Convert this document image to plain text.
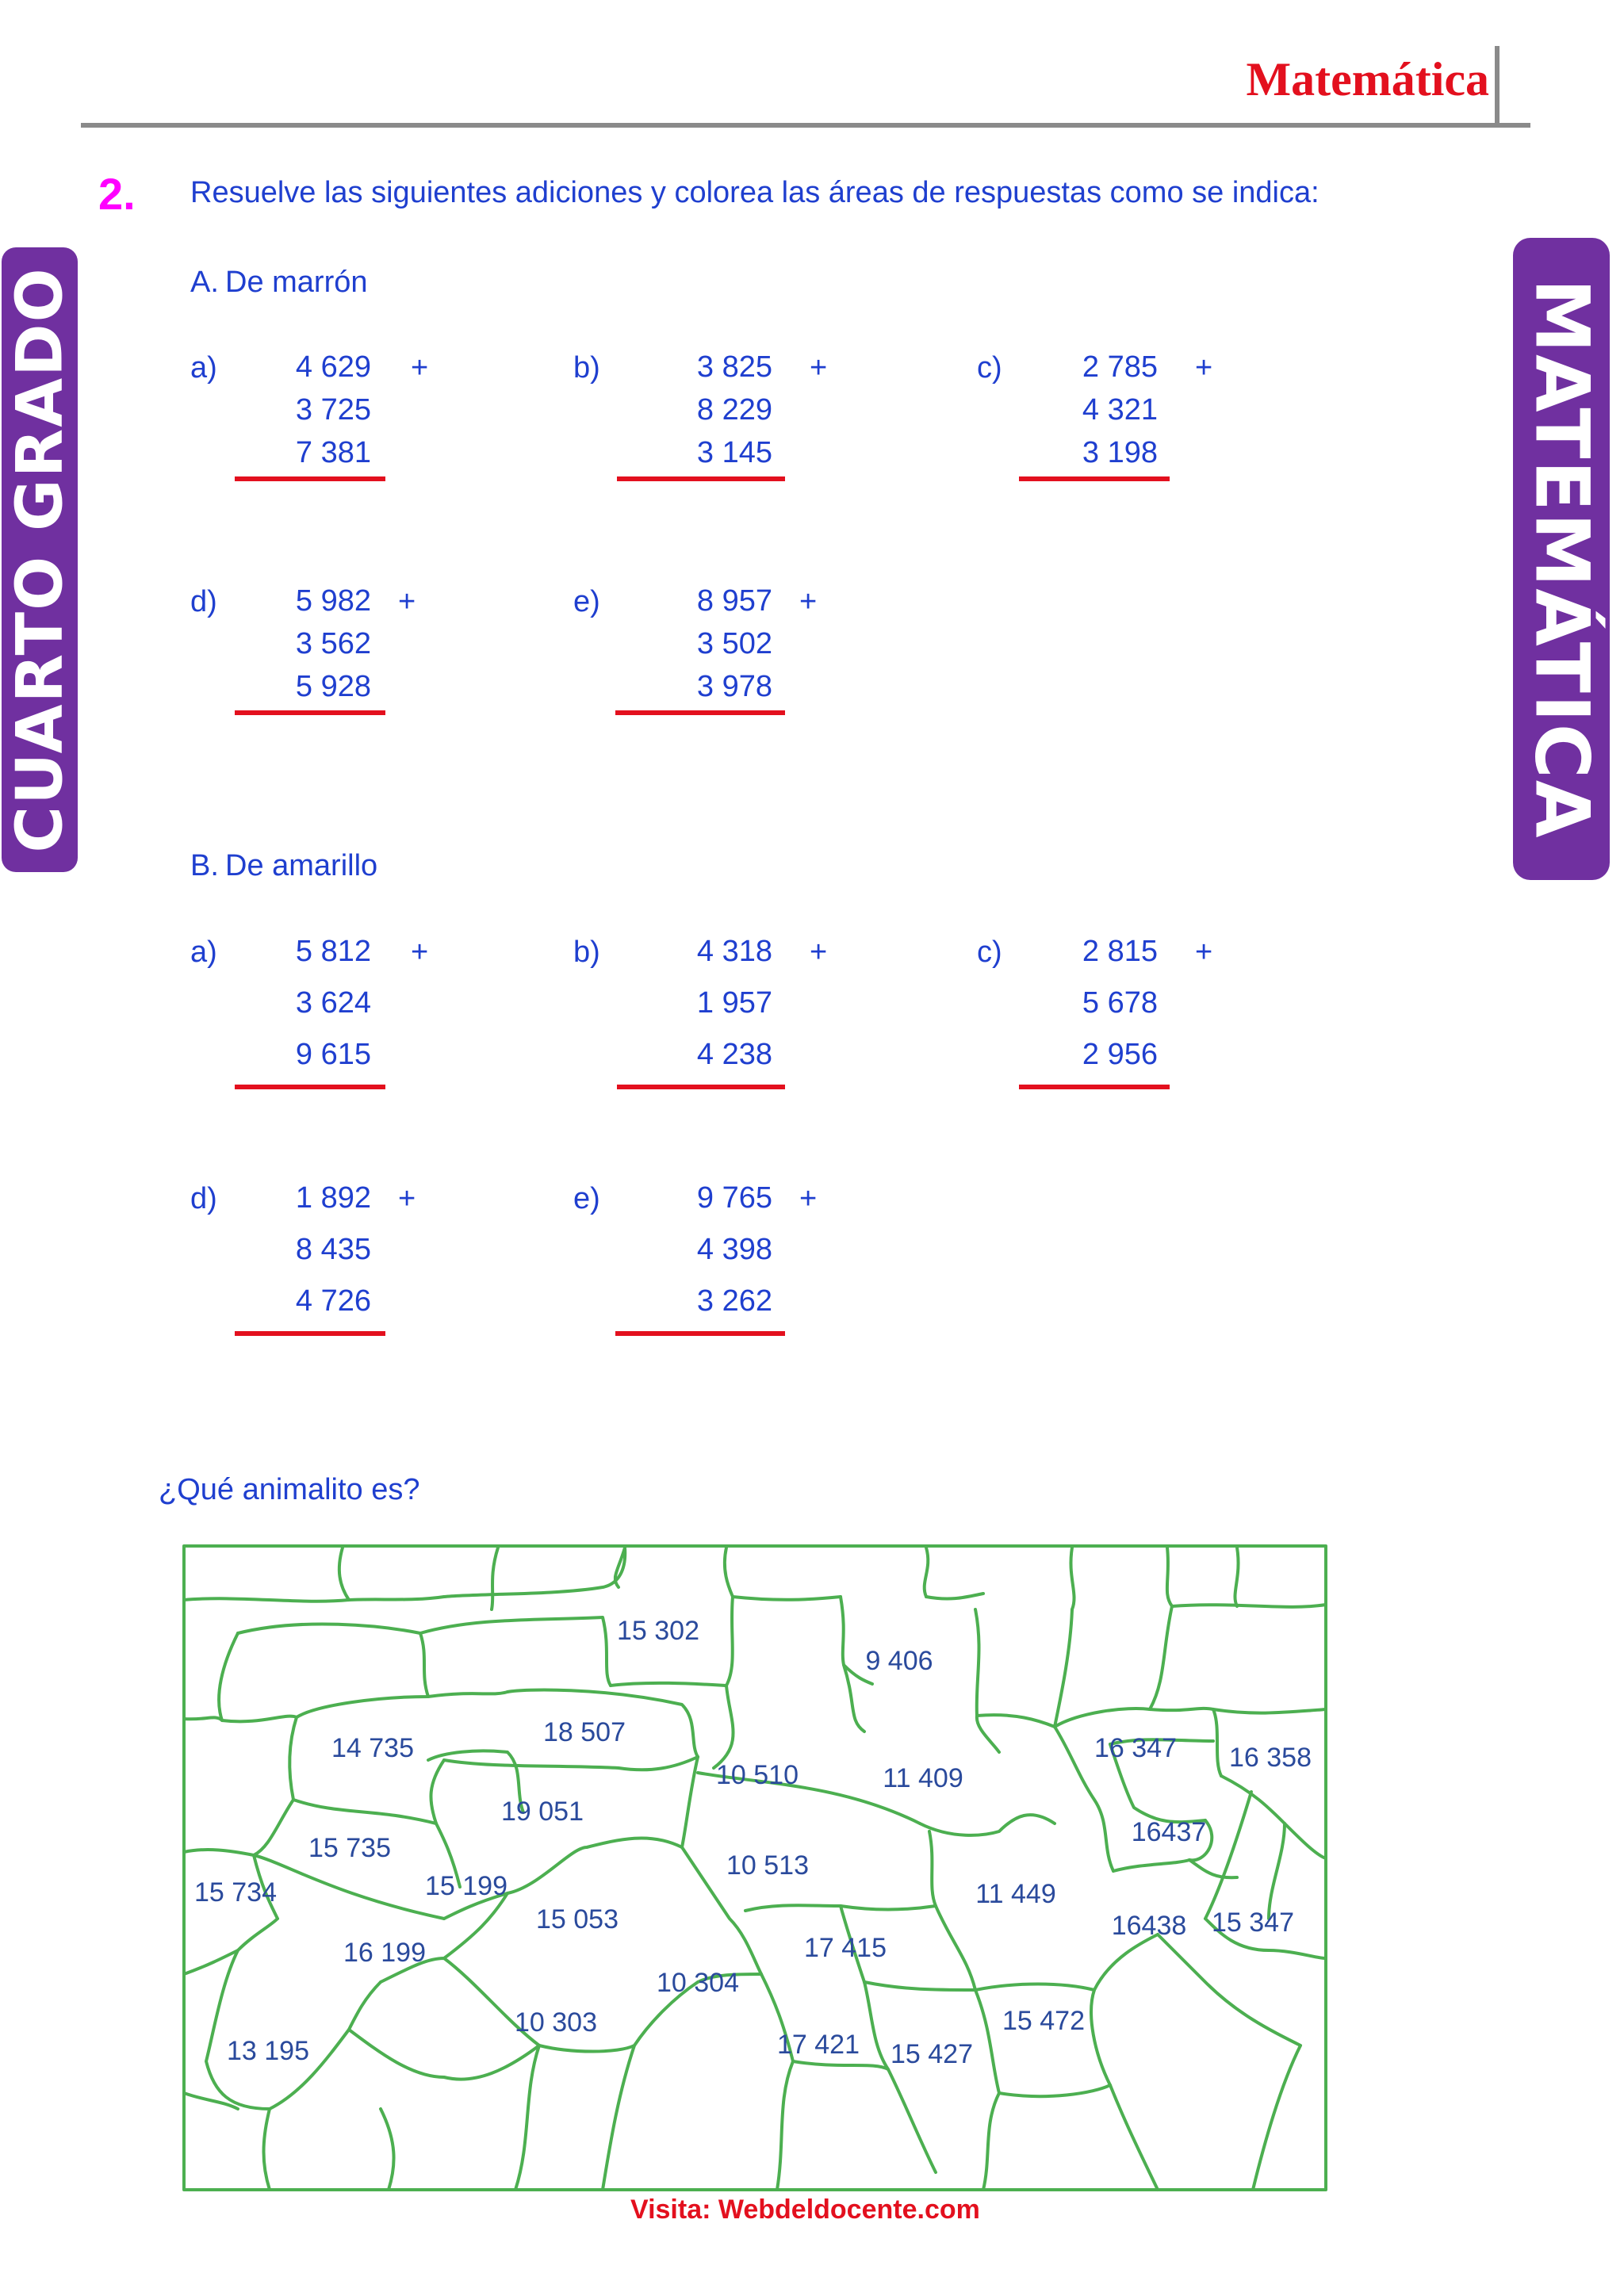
Matemática
CUARTO GRADO	MATEMÁTICA
2. Resuelve las siguientes adiciones y colorea las áreas de respuestas como se indica:
A. De marrón
a)	4 629
3 725
7 381
+	b)	3 825
8 229
3 145
+	c)	2 785
4 321
3 198
+
d)	5 982
3 562
5 928
+	e)	8 957
3 502
3 978
+
B. De amarillo
a)	5 812
3 624
9 615
+	b)	4 318
1 957
4 238
+	c)	2 815
5 678
2 956
+
d)	1 892
8 435
4 726
+	e)	9 765
4 398
3 262
+
¿Qué animalito es?
15 302
9 406
14 735
18 507
10 510	11 409
16 347 16 358
19 051
16437
15 735
10 513
15 734	15 199	11 449
15 053	16438 15 347
16 199	17 415
10 304
15 472
10 303
13 195	17 421 15 427
Visita: Webdeldocente.com
